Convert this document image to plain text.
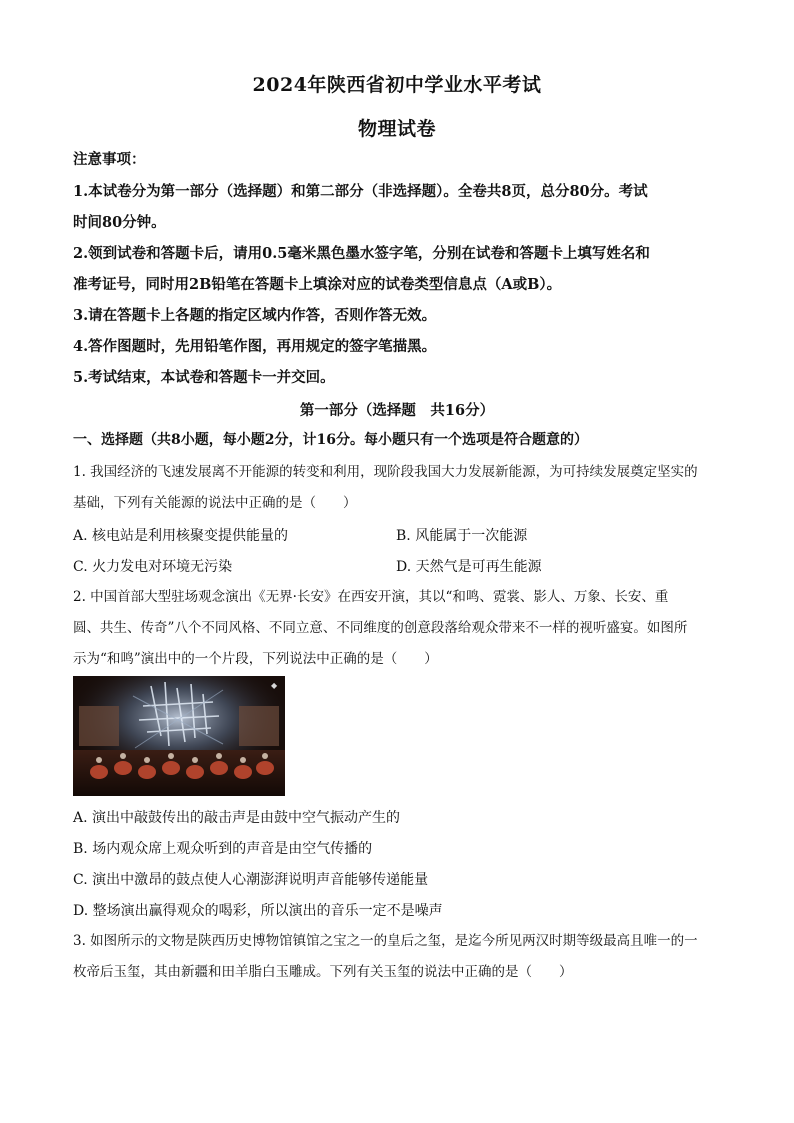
2024年陕西省初中学业水平考试
物理试卷
注意事项：
1.本试卷分为第一部分（选择题）和第二部分（非选择题）。全卷共8页，总分80分。考试
时间80分钟。
2.领到试卷和答题卡后，请用0.5毫米黑色墨水签字笔，分别在试卷和答题卡上填写姓名和
准考证号，同时用2B铅笔在答题卡上填涂对应的试卷类型信息点（A或B）。
3.请在答题卡上各题的指定区域内作答，否则作答无效。
4.答作图题时，先用铅笔作图，再用规定的签字笔描黑。
5.考试结束，本试卷和答题卡一并交回。
第一部分（选择题　共16分）
一、选择题（共8小题，每小题2分，计16分。每小题只有一个选项是符合题意的）
1. 我国经济的飞速发展离不开能源的转变和利用，现阶段我国大力发展新能源，为可持续发展奠定坚实的
基础，下列有关能源的说法中正确的是（　　）
A. 核电站是利用核聚变提供能量的	B. 风能属于一次能源
C. 火力发电对环境无污染	D. 天然气是可再生能源
2. 中国首部大型驻场观念演出《无界·长安》在西安开演，其以“和鸣、霓裳、影人、万象、长安、重
圆、共生、传奇”八个不同风格、不同立意、不同维度的创意段落给观众带来不一样的视听盛宴。如图所
示为“和鸣”演出中的一个片段，下列说法中正确的是（　　）
◆
A. 演出中敲鼓传出的敲击声是由鼓中空气振动产生的
B. 场内观众席上观众听到的声音是由空气传播的
C. 演出中激昂的鼓点使人心潮澎湃说明声音能够传递能量
D. 整场演出赢得观众的喝彩，所以演出的音乐一定不是噪声
3. 如图所示的文物是陕西历史博物馆镇馆之宝之一的皇后之玺，是迄今所见两汉时期等级最高且唯一的一
枚帝后玉玺，其由新疆和田羊脂白玉雕成。下列有关玉玺的说法中正确的是（　　）
